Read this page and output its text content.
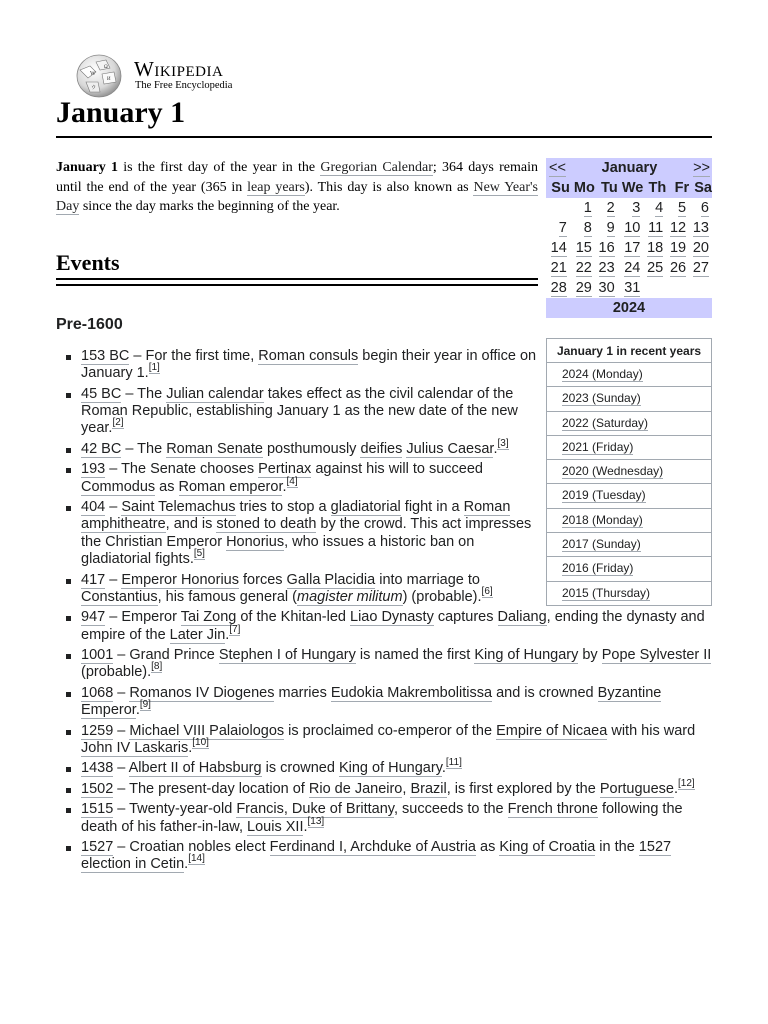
W
Ω
И
ウ
Wikipedia
The Free Encyclopedia
January 1

January 1 is the first day of the year in the Gregorian Calendar; 364 days remain until the end of the year (365 in leap years). This day is also known as New Year's Day since the day marks the beginning of the year.

Events
Pre-1600
153 BC – For the first time, Roman consuls begin their year in office on January 1.[1]
45 BC – The Julian calendar takes effect as the civil calendar of the Roman Republic, establishing January 1 as the new date of the new year.[2]
42 BC – The Roman Senate posthumously deifies Julius Caesar.[3]
193 – The Senate chooses Pertinax against his will to succeed Commodus as Roman emperor.[4]
404 – Saint Telemachus tries to stop a gladiatorial fight in a Roman amphitheatre, and is stoned to death by the crowd. This act impresses the Christian Emperor Honorius, who issues a historic ban on gladiatorial fights.[5]
417 – Emperor Honorius forces Galla Placidia into marriage to Constantius, his famous general (magister militum) (probable).[6]
947 – Emperor Tai Zong of the Khitan-led Liao Dynasty captures Daliang, ending the dynasty and empire of the Later Jin.[7]
1001 – Grand Prince Stephen I of Hungary is named the first King of Hungary by Pope Sylvester II (probable).[8]
1068 – Romanos IV Diogenes marries Eudokia Makrembolitissa and is crowned Byzantine Emperor.[9]
1259 – Michael VIII Palaiologos is proclaimed co-emperor of the Empire of Nicaea with his ward John IV Laskaris.[10]
1438 – Albert II of Habsburg is crowned King of Hungary.[11]
1502 – The present-day location of Rio de Janeiro, Brazil, is first explored by the Portuguese.[12]
1515 – Twenty-year-old Francis, Duke of Brittany, succeeds to the French throne following the death of his father-in-law, Louis XII.[13]
1527 – Croatian nobles elect Ferdinand I, Archduke of Austria as King of Croatia in the 1527 election in Cetin.[14]
<<	January					>>
Su	Mo	Tu	We	Th	Fr	Sa
	1	2	3	4	5	6
7	8	9	10	11	12	13
14	15	16	17	18	19	20
21	22	23	24	25	26	27
28	29	30	31			
2024						
January 1 in recent years
2024 (Monday)
2023 (Sunday)
2022 (Saturday)
2021 (Friday)
2020 (Wednesday)
2019 (Tuesday)
2018 (Monday)
2017 (Sunday)
2016 (Friday)
2015 (Thursday)
